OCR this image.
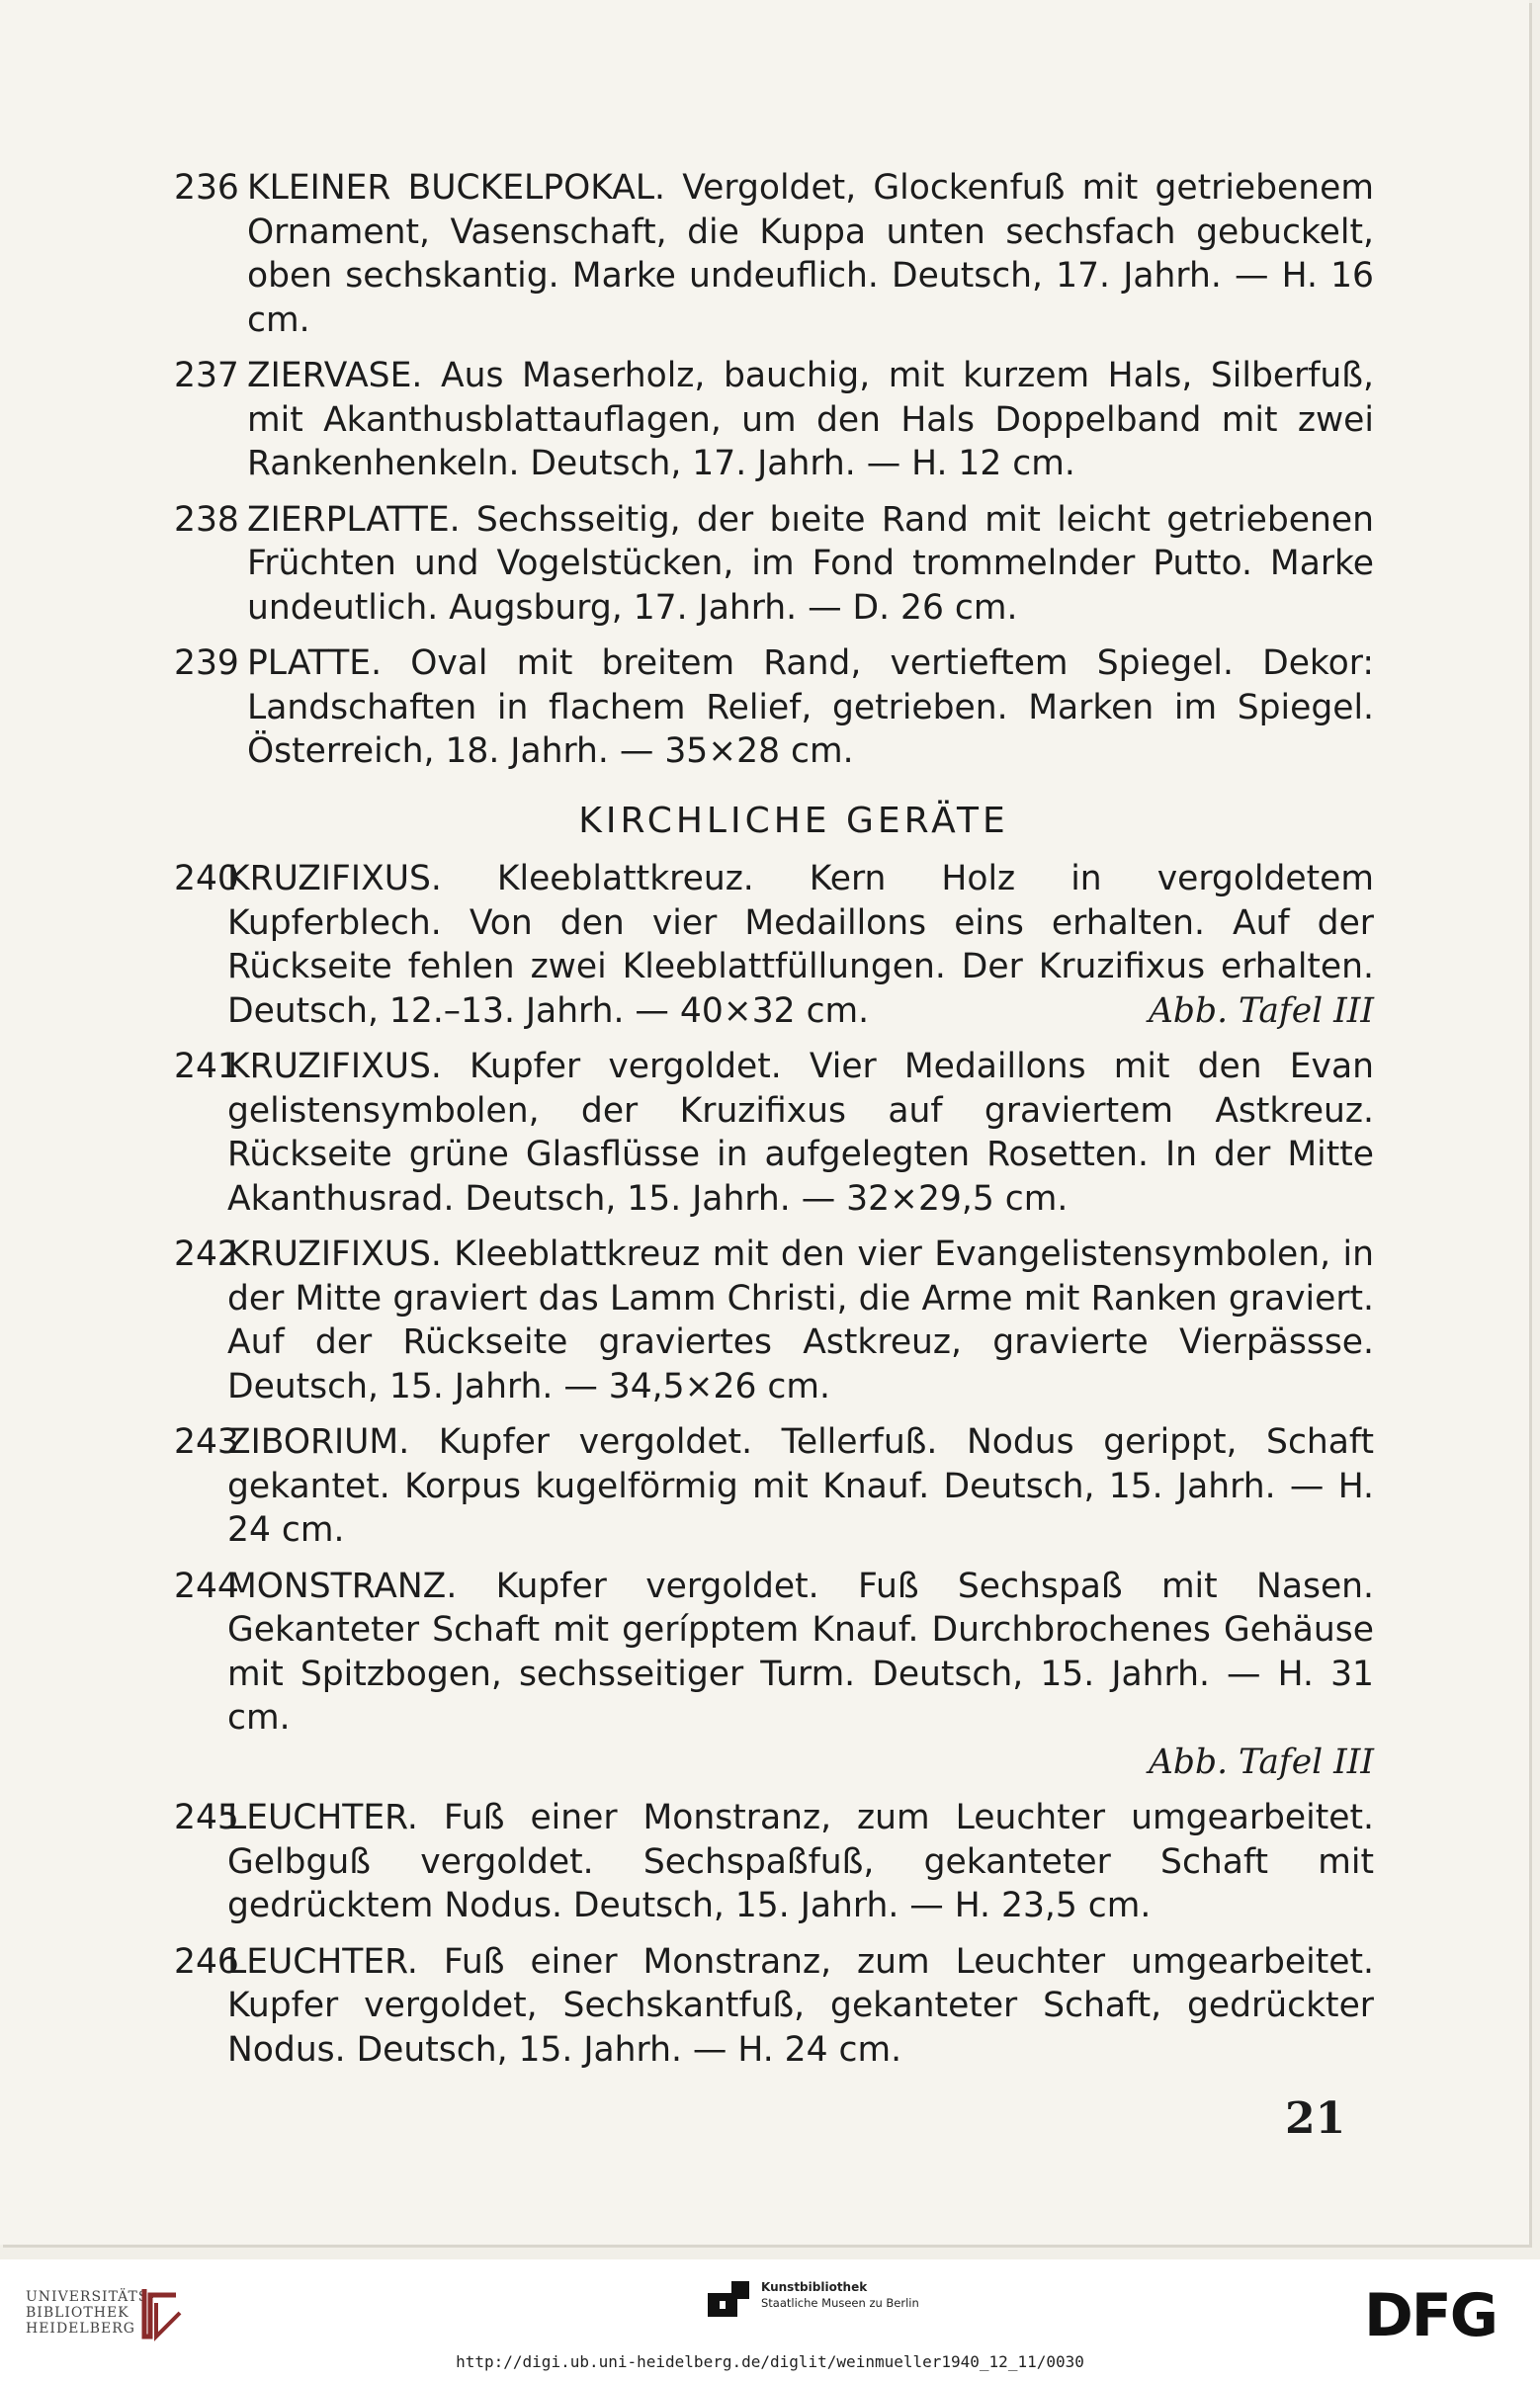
236 KLEINER BUCKELPOKAL. Vergoldet, Glockenfuß mit getriebenem Ornament, Vasenschaft, die Kuppa unten sechsfach gebuckelt, oben sechskantig. Marke undeuflich. Deutsch, 17. Jahrh. — H. 16 cm.
237 ZIERVASE. Aus Maserholz, bauchig, mit kurzem Hals, Silberfuß, mit Akanthusblattauflagen, um den Hals Doppelband mit zwei Rankenhenkeln. Deutsch, 17. Jahrh. — H. 12 cm.
238 ZIERPLATTE. Sechsseitig, der bıeite Rand mit leicht getriebenen Früchten und Vogelstücken, im Fond trommelnder Putto. Marke undeutlich. Augsburg, 17. Jahrh. — D. 26 cm.
239 PLATTE. Oval mit breitem Rand, vertieftem Spiegel. Dekor: Landschaften in flachem Relief, getrieben. Marken im Spiegel. Österreich, 18. Jahrh. — 35×28 cm.
KIRCHLICHE GERÄTE
240
KRUZIFIXUS. Kleeblattkreuz. Kern Holz in vergoldetem Kupferblech. Von den vier Medaillons eins erhalten. Auf der Rückseite fehlen zwei Kleeblattfüllungen. Der Kruzifixus erhalten. Deutsch, 12.–13. Jahrh. — 40×32 cm.	Abb. Tafel III
241
KRUZIFIXUS. Kupfer vergoldet. Vier Medaillons mit den Evan gelistensymbolen, der Kruzifixus auf graviertem Astkreuz. Rückseite grüne Glasflüsse in aufgelegten Rosetten. In der Mitte Akanthusrad. Deutsch, 15. Jahrh. — 32×29,5 cm.
242
KRUZIFIXUS. Kleeblattkreuz mit den vier Evangelistensymbolen, in der Mitte graviert das Lamm Christi, die Arme mit Ranken graviert. Auf der Rückseite graviertes Astkreuz, gravierte Vierpässse. Deutsch, 15. Jahrh. — 34,5×26 cm.
243
ZIBORIUM. Kupfer vergoldet. Tellerfuß. Nodus gerippt, Schaft gekantet. Korpus kugelförmig mit Knauf. Deutsch, 15. Jahrh. — H. 24 cm.
244
MONSTRANZ. Kupfer vergoldet. Fuß Sechspaß mit Nasen. Gekanteter Schaft mit gerípptem Knauf. Durchbrochenes Gehäuse mit Spitzbogen, sechsseitiger Turm. Deutsch, 15. Jahrh. — H. 31 cm.
Abb. Tafel III
245
LEUCHTER. Fuß einer Monstranz, zum Leuchter umgearbeitet. Gelbguß vergoldet. Sechspaßfuß, gekanteter Schaft mit gedrücktem Nodus. Deutsch, 15. Jahrh. — H. 23,5 cm.
246
LEUCHTER. Fuß einer Monstranz, zum Leuchter umgearbeitet. Kupfer vergoldet, Sechskantfuß, gekanteter Schaft, gedrückter Nodus. Deutsch, 15. Jahrh. — H. 24 cm.
21
UNIVERSITÄTS-
BIBLIOTHEK
HEIDELBERG
Kunstbibliothek
Staatliche Museen zu Berlin	DFG
http://digi.ub.uni-heidelberg.de/diglit/weinmueller1940_12_11/0030
